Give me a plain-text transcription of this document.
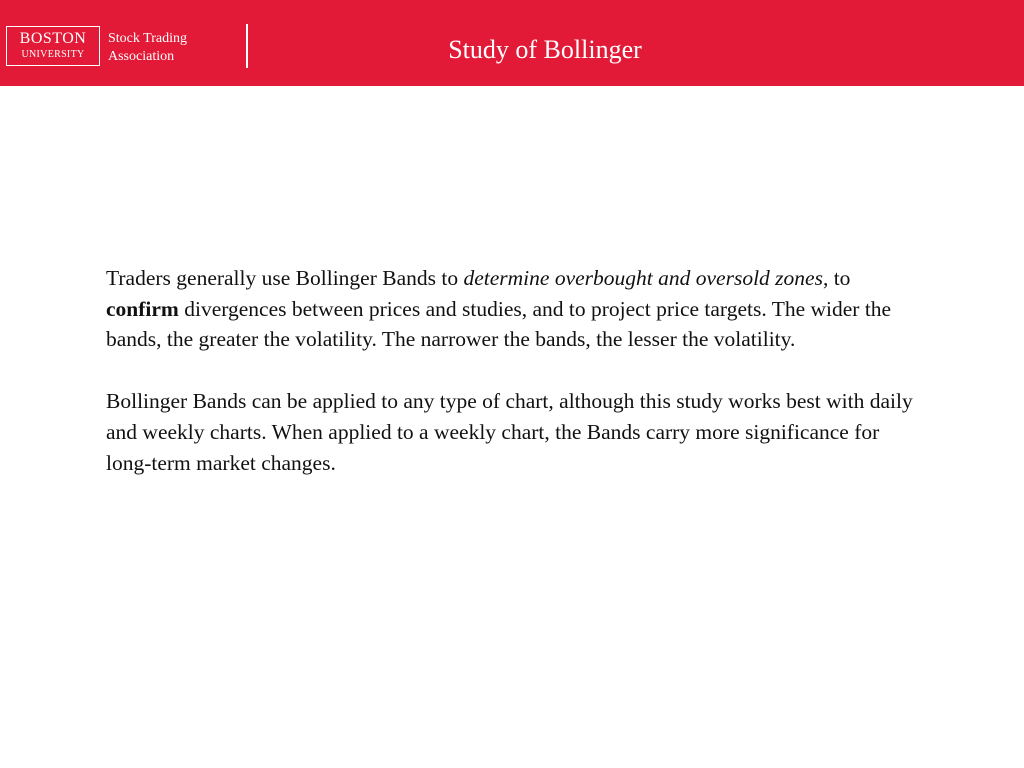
BOSTON
UNIVERSITY
Stock Trading
Association	Study of Bollinger

Traders generally use Bollinger Bands to determine overbought and oversold zones, to confirm divergences between prices and studies, and to project price targets. The wider the bands, the greater the volatility. The narrower the bands, the lesser the volatility.

Bollinger Bands can be applied to any type of chart, although this study works best with daily and weekly charts. When applied to a weekly chart, the Bands carry more significance for long-term market changes.
